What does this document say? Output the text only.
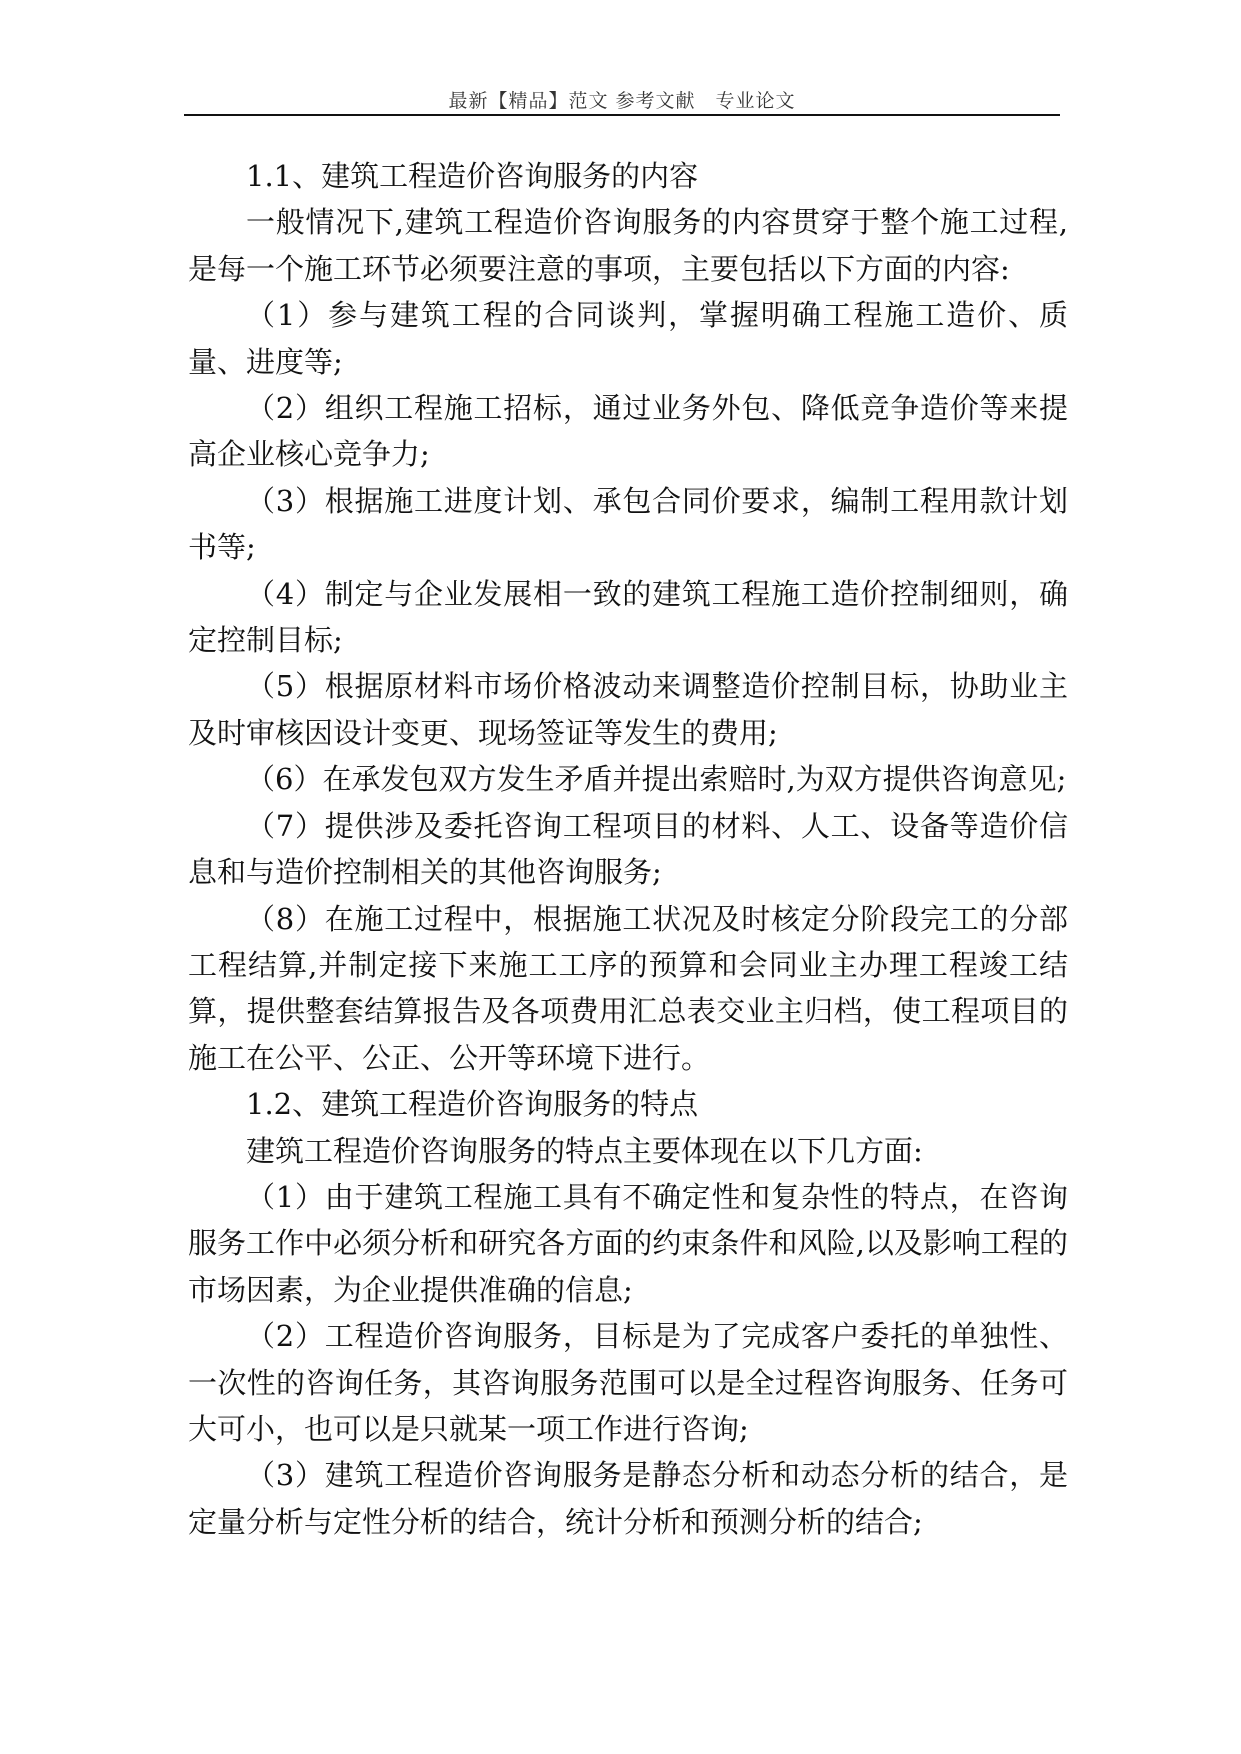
最新【精品】范文 参考文献　专业论文

1.1、建筑工程造价咨询服务的内容

一般情况下,建筑工程造价咨询服务的内容贯穿于整个施工过程,是每一个施工环节必须要注意的事项，主要包括以下方面的内容:

（1）参与建筑工程的合同谈判，掌握明确工程施工造价、质量、进度等;

（2）组织工程施工招标，通过业务外包、降低竞争造价等来提高企业核心竞争力;

（3）根据施工进度计划、承包合同价要求，编制工程用款计划书等;

（4）制定与企业发展相一致的建筑工程施工造价控制细则，确定控制目标;

（5）根据原材料市场价格波动来调整造价控制目标，协助业主及时审核因设计变更、现场签证等发生的费用;

（6）在承发包双方发生矛盾并提出索赔时,为双方提供咨询意见;

（7）提供涉及委托咨询工程项目的材料、人工、设备等造价信息和与造价控制相关的其他咨询服务;

（8）在施工过程中，根据施工状况及时核定分阶段完工的分部工程结算,并制定接下来施工工序的预算和会同业主办理工程竣工结算，提供整套结算报告及各项费用汇总表交业主归档，使工程项目的施工在公平、公正、公开等环境下进行。

1.2、建筑工程造价咨询服务的特点

建筑工程造价咨询服务的特点主要体现在以下几方面:

（1）由于建筑工程施工具有不确定性和复杂性的特点，在咨询服务工作中必须分析和研究各方面的约束条件和风险,以及影响工程的市场因素，为企业提供准确的信息;

（2）工程造价咨询服务，目标是为了完成客户委托的单独性、一次性的咨询任务，其咨询服务范围可以是全过程咨询服务、任务可大可小，也可以是只就某一项工作进行咨询;

（3）建筑工程造价咨询服务是静态分析和动态分析的结合，是定量分析与定性分析的结合，统计分析和预测分析的结合;
